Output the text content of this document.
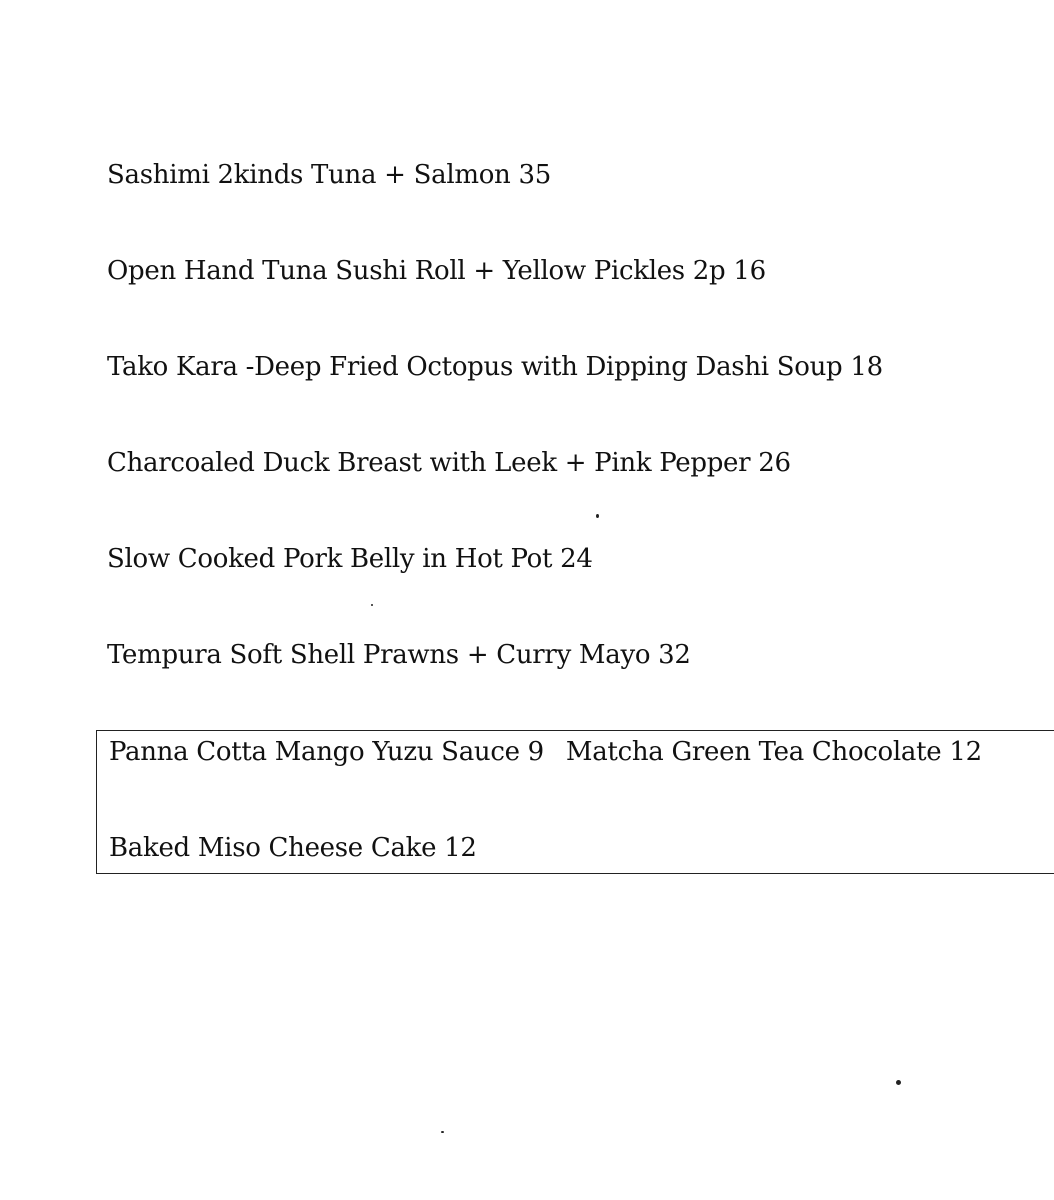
Sashimi 2kinds Tuna + Salmon 35
Open Hand Tuna Sushi Roll + Yellow Pickles 2p 16
Tako Kara -Deep Fried Octopus with Dipping Dashi Soup 18
Charcoaled Duck Breast with Leek + Pink Pepper 26
Slow Cooked Pork Belly in Hot Pot 24
Tempura Soft Shell Prawns + Curry Mayo 32
Panna Cotta Mango Yuzu Sauce 9 Matcha Green Tea Chocolate 12
Baked Miso Cheese Cake 12
